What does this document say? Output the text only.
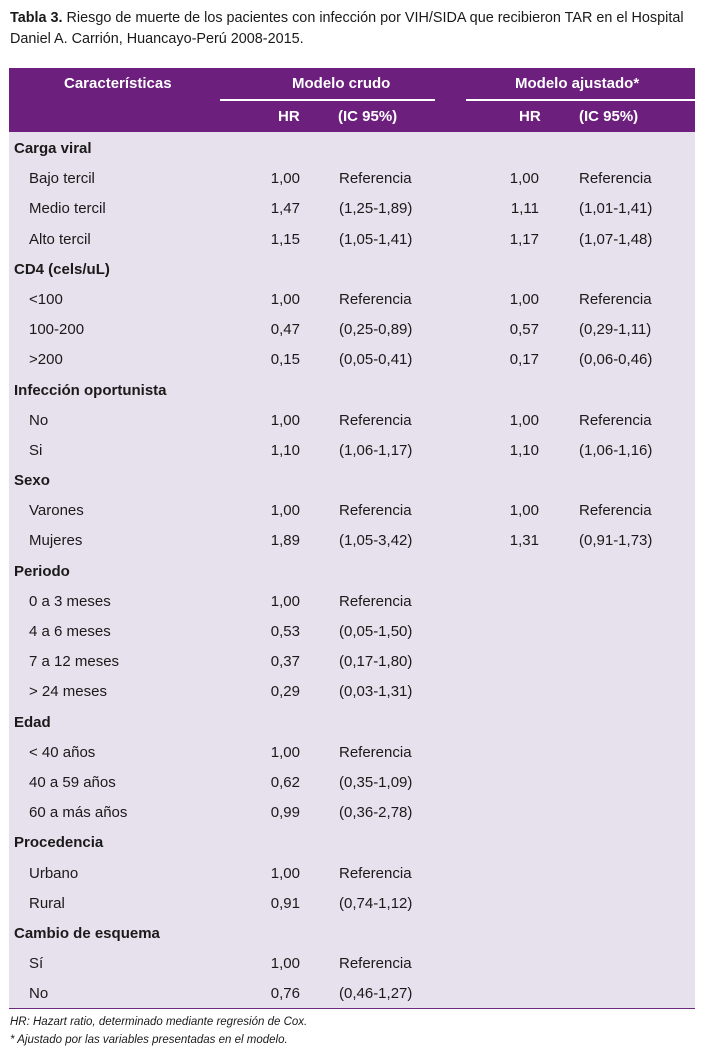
Tabla 3. Riesgo de muerte de los pacientes con infección por VIH/SIDA que recibieron TAR en el Hospital Daniel A. Carrión, Huancayo-Perú 2008-2015.
Características	Modelo crudo	Modelo ajustado*
HR	(IC 95%)	HR	(IC 95%)
Carga viral
Bajo tercil	1,00	Referencia	1,00	Referencia
Medio tercil	1,47	(1,25-1,89)	1,11	(1,01-1,41)
Alto tercil	1,15	(1,05-1,41)	1,17	(1,07-1,48)
CD4 (cels/uL)
<100	1,00	Referencia	1,00	Referencia
100-200	0,47	(0,25-0,89)	0,57	(0,29-1,11)
>200	0,15	(0,05-0,41)	0,17	(0,06-0,46)
Infección oportunista
No	1,00	Referencia	1,00	Referencia
Si	1,10	(1,06-1,17)	1,10	(1,06-1,16)
Sexo
Varones	1,00	Referencia	1,00	Referencia
Mujeres	1,89	(1,05-3,42)	1,31	(0,91-1,73)
Periodo
0 a 3 meses	1,00	Referencia
4 a 6 meses	0,53	(0,05-1,50)
7 a 12 meses	0,37	(0,17-1,80)
> 24 meses	0,29	(0,03-1,31)
Edad
< 40 años	1,00	Referencia
40 a 59 años	0,62	(0,35-1,09)
60 a más años	0,99	(0,36-2,78)
Procedencia
Urbano	1,00	Referencia
Rural	0,91	(0,74-1,12)
Cambio de esquema
Sí	1,00	Referencia
No	0,76	(0,46-1,27)
HR: Hazart ratio, determinado mediante regresión de Cox.
* Ajustado por las variables presentadas en el modelo.
